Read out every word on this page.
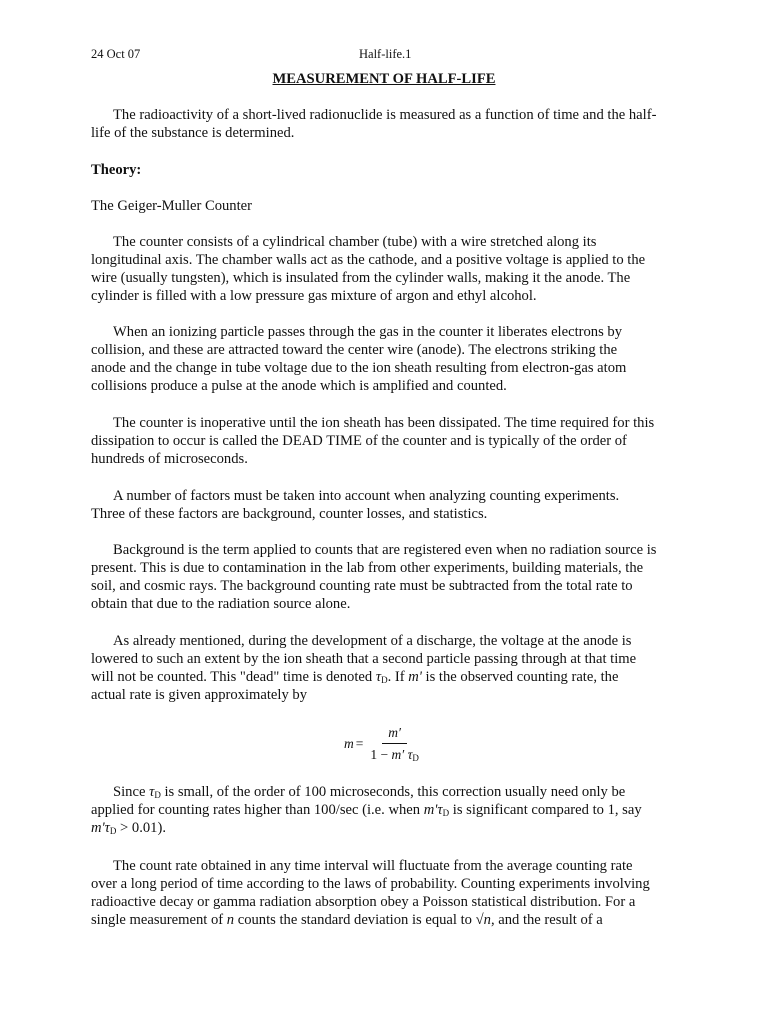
24 Oct 07	Half-life.1
MEASUREMENT OF HALF-LIFE

The radioactivity of a short-lived radionuclide is measured as a function of time and the half-
life of the substance is determined.

Theory:

The Geiger-Muller Counter

The counter consists of a cylindrical chamber (tube) with a wire stretched along its
longitudinal axis. The chamber walls act as the cathode, and a positive voltage is applied to the
wire (usually tungsten), which is insulated from the cylinder walls, making it the anode. The
cylinder is filled with a low pressure gas mixture of argon and ethyl alcohol.

When an ionizing particle passes through the gas in the counter it liberates electrons by
collision, and these are attracted toward the center wire (anode). The electrons striking the
anode and the change in tube voltage due to the ion sheath resulting from electron-gas atom
collisions produce a pulse at the anode which is amplified and counted.

The counter is inoperative until the ion sheath has been dissipated. The time required for this
dissipation to occur is called the DEAD TIME of the counter and is typically of the order of
hundreds of microseconds.

A number of factors must be taken into account when analyzing counting experiments.
Three of these factors are background, counter losses, and statistics.

Background is the term applied to counts that are registered even when no radiation source is
present. This is due to contamination in the lab from other experiments, building materials, the
soil, and cosmic rays. The background counting rate must be subtracted from the total rate to
obtain that due to the radiation source alone.

As already mentioned, during the development of a discharge, the voltage at the anode is
lowered to such an extent by the ion sheath that a second particle passing through at that time
will not be counted. This "dead" time is denoted $\tau_D$. If m' is the observed counting rate, the
actual rate is given approximately by

$m = \frac{m'}{1 - m' \tau_D}$

Since $\tau_D$ is small, of the order of 100 microseconds, this correction usually need only be
applied for counting rates higher than 100/sec (i.e. when $m'\tau_D$ is significant compared to 1, say
$m'\tau_D > 0.01$).

The count rate obtained in any time interval will fluctuate from the average counting rate
over a long period of time according to the laws of probability. Counting experiments involving
radioactive decay or gamma radiation absorption obey a Poisson statistical distribution. For a
single measurement of n counts the standard deviation is equal to √n, and the result of a
